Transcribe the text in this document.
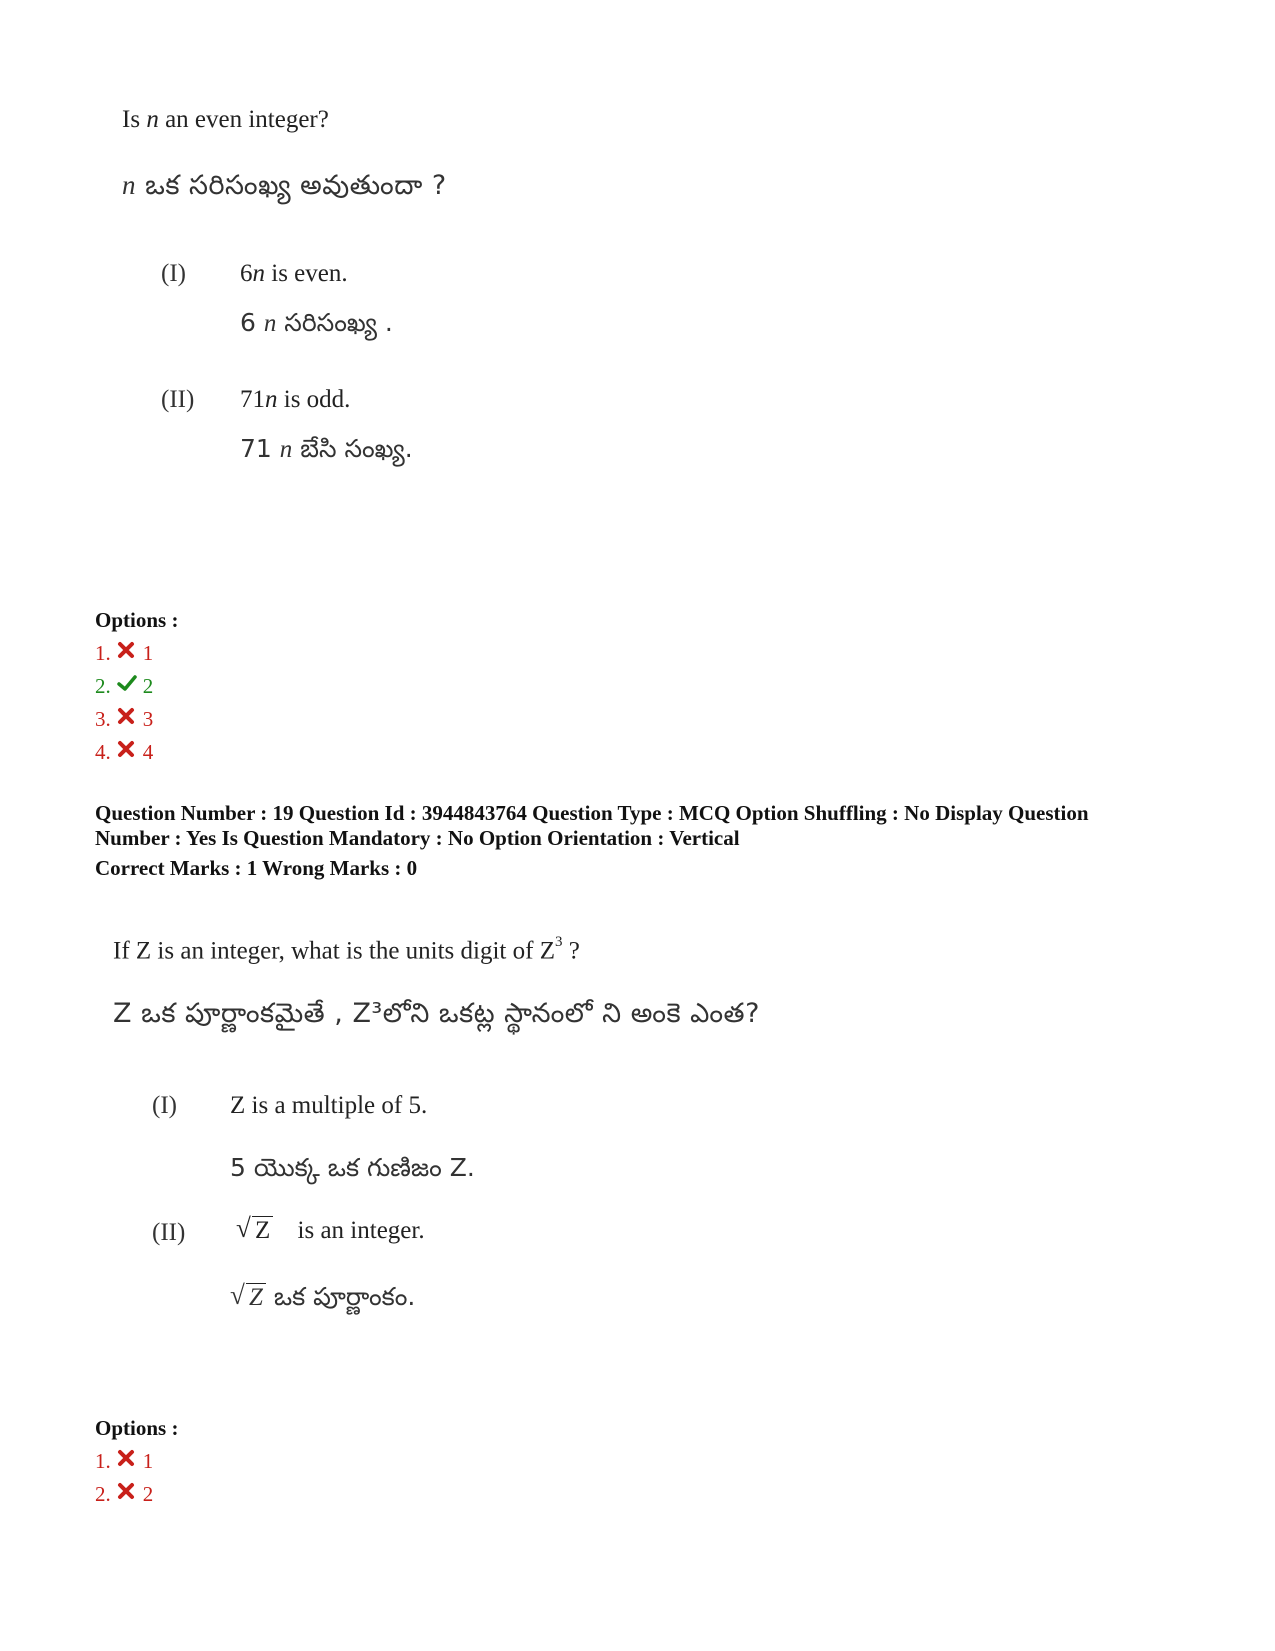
Is n an even integer?
n ఒక సరిసంఖ్య అవుతుందా ?
(I) 6n is even.
6 n సరిసంఖ్య .
(II) 71n is odd.
71 n బేసి సంఖ్య.
Options :
1. 1
2. 2
3. 3
4. 4
Question Number : 19 Question Id : 3944843764 Question Type : MCQ Option Shuffling : No Display Question
Number : Yes Is Question Mandatory : No Option Orientation : Vertical
Correct Marks : 1 Wrong Marks : 0
If Z is an integer, what is the units digit of $Z^3$ ?
Z ఒక పూర్ణాంకమైతే , Z³లోని ఒకట్ల స్థానంలో ని అంకె ఎంత?
(I) Z is a multiple of 5.
5 యొక్క ఒక గుణిజం Z.
(II) √ Z is an integer.
√ Z ఒక పూర్ణాంకం.
Options :
1. 1
2. 2
